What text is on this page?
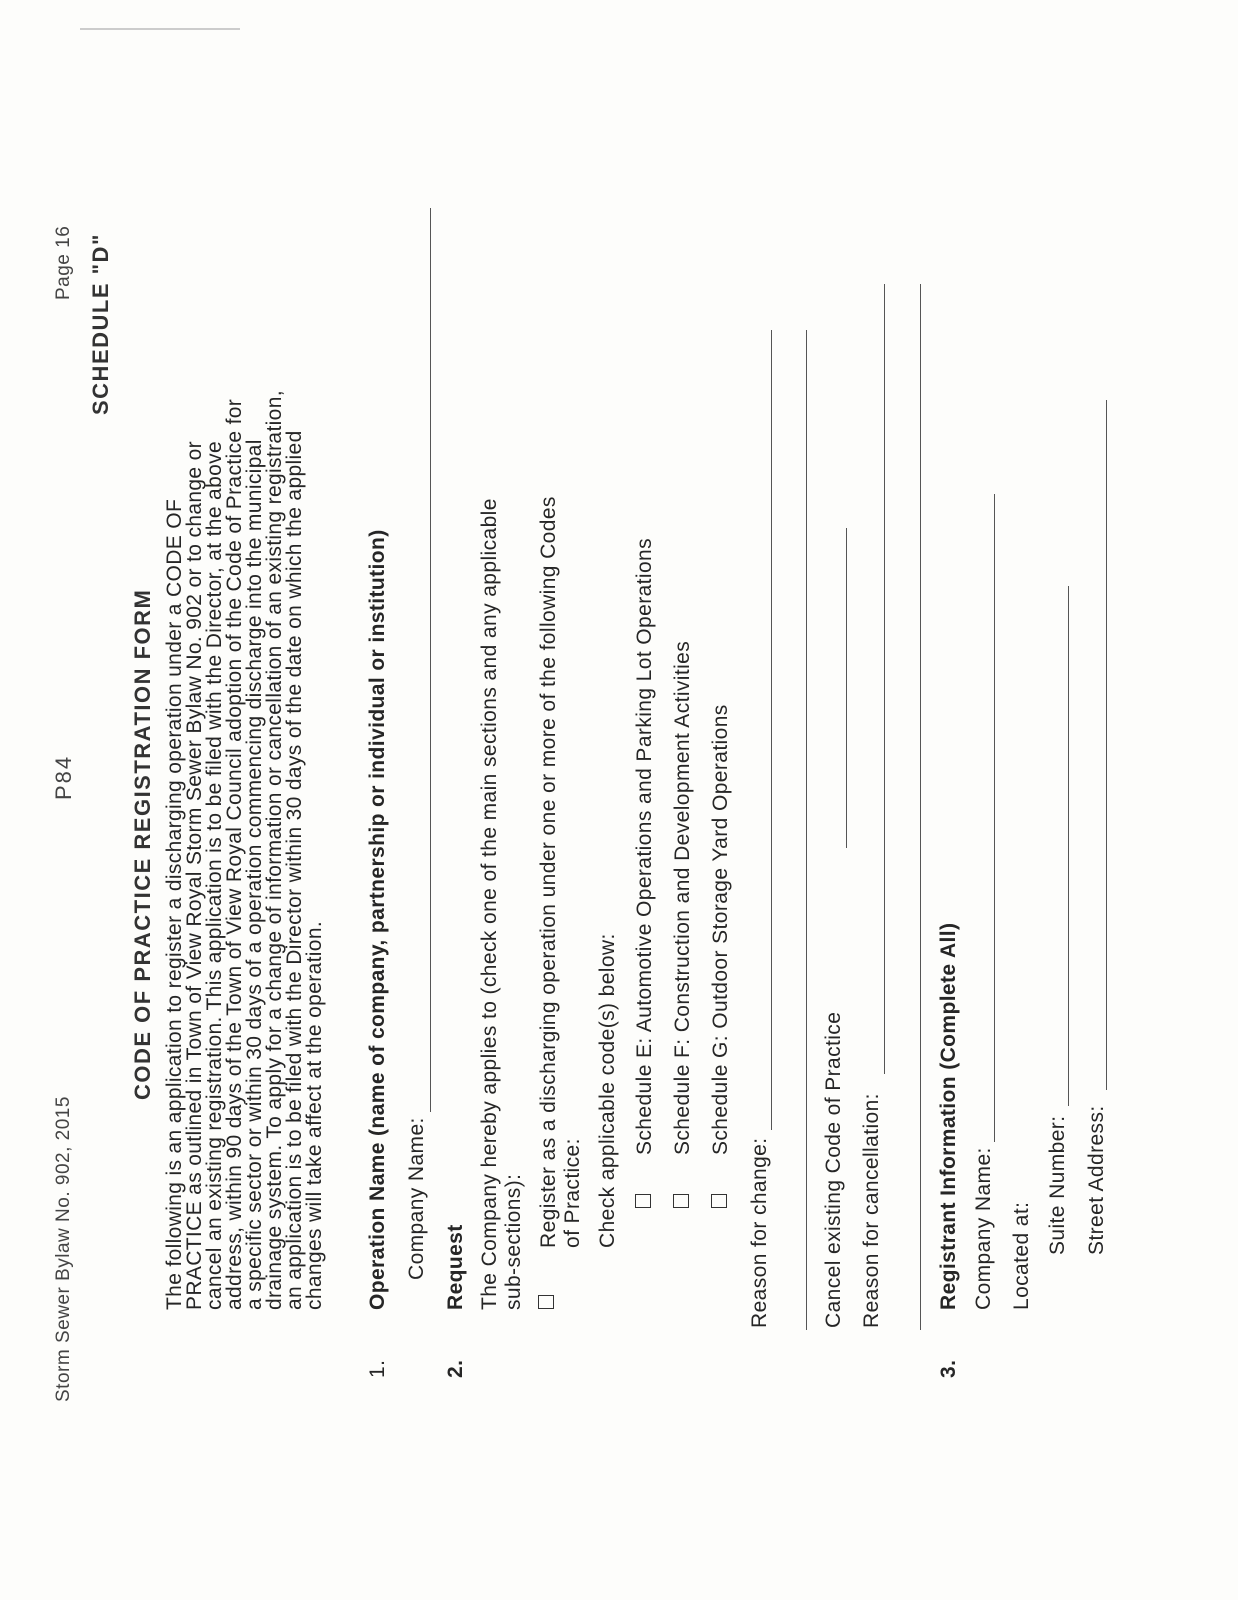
Storm Sewer Bylaw No. 902, 2015
P84
Page 16 SCHEDULE "D"
CODE OF PRACTICE REGISTRATION FORM The following is an application to register a discharging operation under a CODE OF
PRACTICE as outlined in Town of View Royal Storm Sewer Bylaw No. 902 or to change or
cancel an existing registration. This application is to be filed with the Director, at the above
address, within 90 days of the Town of View Royal Council adoption of the Code of Practice for
a specific sector or within 30 days of a operation commencing discharge into the municipal
drainage system. To apply for a change of information or cancellation of an existing registration,
an application is to be filed with the Director within 30 days of the date on which the applied
changes will take affect at the operation.
1.
Operation Name (name of company, partnership or individual or institution) Company Name:
2.
Request The Company hereby applies to (check one of the main sections and any applicable sub-sections): Register as a discharging operation under one or more of the following Codes of Practice: Check applicable code(s) below: Schedule E: Automotive Operations and Parking Lot Operations Schedule F: Construction and Development Activities Schedule G: Outdoor Storage Yard Operations
Reason for change: Cancel existing Code of Practice Reason for cancellation:
3.
Registrant Information (Complete All) Company Name: Located at:
Suite Number: Street Address:
